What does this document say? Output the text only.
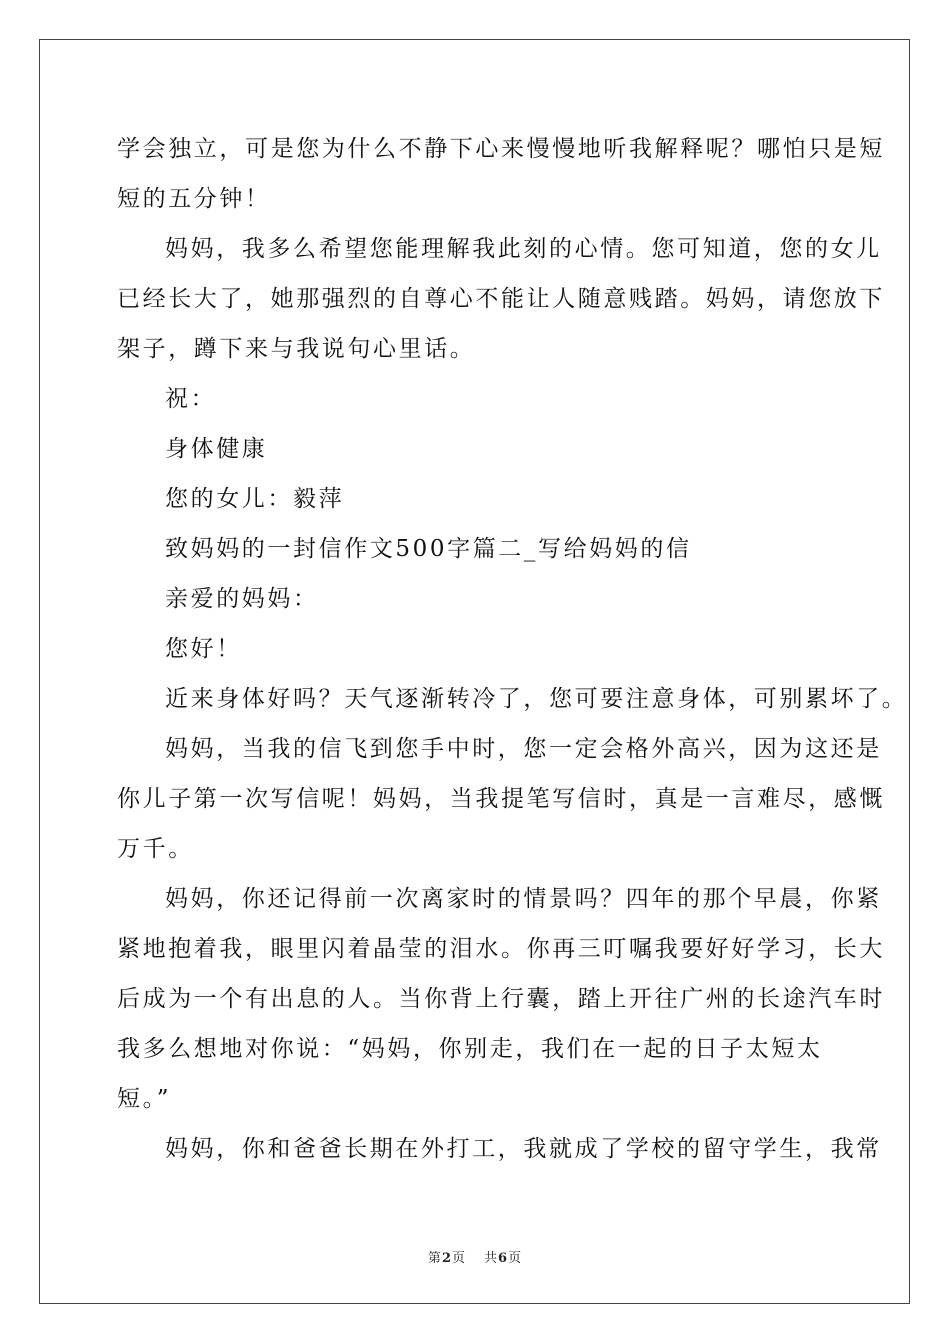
学会独立，可是您为什么不静下心来慢慢地听我解释呢？哪怕只是短
短的五分钟！
妈妈，我多么希望您能理解我此刻的心情。您可知道，您的女儿
已经长大了，她那强烈的自尊心不能让人随意贱踏。妈妈，请您放下
架子，蹲下来与我说句心里话。
祝：
身体健康
您的女儿：毅萍
致妈妈的一封信作文500字篇二_写给妈妈的信
亲爱的妈妈：
您好！
近来身体好吗？天气逐渐转冷了，您可要注意身体，可别累坏了。
妈妈，当我的信飞到您手中时，您一定会格外高兴，因为这还是
你儿子第一次写信呢！妈妈，当我提笔写信时，真是一言难尽，感慨
万千。
妈妈，你还记得前一次离家时的情景吗？四年的那个早晨，你紧
紧地抱着我，眼里闪着晶莹的泪水。你再三叮嘱我要好好学习，长大
后成为一个有出息的人。当你背上行囊，踏上开往广州的长途汽车时
我多么想地对你说：“妈妈，你别走，我们在一起的日子太短太
短。”
妈妈，你和爸爸长期在外打工，我就成了学校的留守学生，我常
第2页 共6页
